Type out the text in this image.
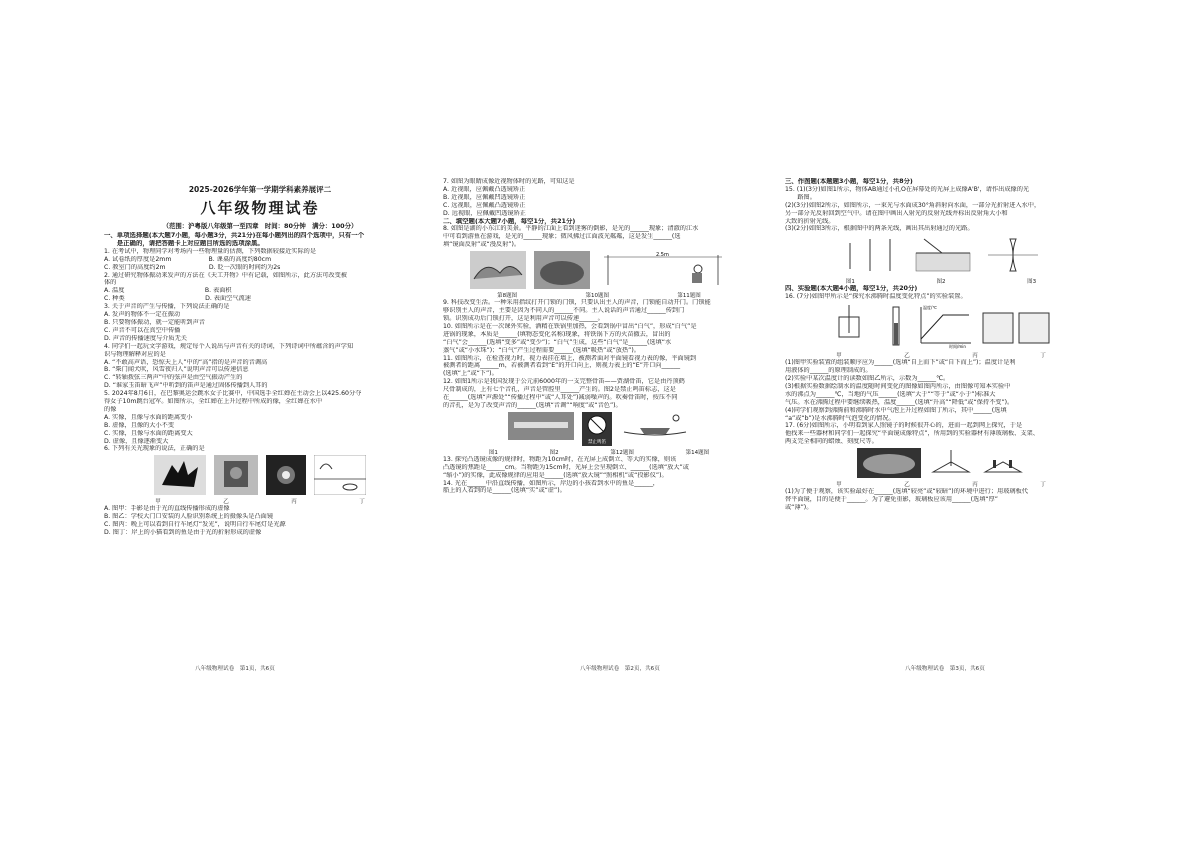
2025-2026学年第一学期学科素养展评二
八年级物理试卷
（范围：沪粤版八年级第一至四章　时间：80分钟　满分：100分）
一、单项选择题(本大题7小题，每小题3分，共21分)在每小题列出的四个选项中，只有一个
　　是正确的，请把答题卡上对应题目所选的选项涂黑。
1. 在考试中，物理同学对考场内一些物理量的估测，下列数据较接近实际的是
A. 试卷纸的厚度是2mm　　　　　　B. 课桌的高度约80cm
C. 教室门的高度约2m　　　　　　　D. 眨一次眼的时间约为2s
2. 通过研究物体振动来发声的方法在《天工开物》中有记载，如图所示，此方法可改变被
体的
A. 温度　　　　　　　　　　　　　B. 表面积
C. 种类　　　　　　　　　　　　　D. 表面空气流速
3. 关于声音的产生与传播，下列说法正确的是
A. 发声的物体不一定在振动
B. 只要物体振动，就一定能听到声音
C. 声音不可以在真空中传播
D. 声音的传播速度与介质无关
4. 同学们一起玩文字游戏，规定每个人说出与声音有关的诗词，下列诗词中所蕴含的声学知
识与物理解释对应的是
A. “不敢高声语，恐惊天上人”中的“高”指的是声音的音调高
B. “柴门闻犬吠，风雪夜归人”说明声音可以传递信息
C. “转轴拨弦三两声”中的弦声是由空气振动产生的
D. “谁家玉笛暗飞声”中听到的笛声是通过固体传播到人耳的
5. 2024年8月6日，在巴黎奥运会跳水女子比赛中，中国选手全红婵在主动会上以425.60分夺
得女子10m跳台冠军。如图所示，全红婵在上升过程中所成的像，全红婵在水中
的像
A. 实像，且像与水面的距离变小
B. 虚像，且像的大小不变
C. 实像，且像与水面的距离变大
D. 虚像，且像逐渐变大
6. 下列有关光现象的说法，正确的是
甲	乙	丙	丁
A. 图甲：手影是由于光的直线传播形成的虚像
B. 图乙：学校大门口安装的人脸识别系统上的摄像头是凸面镜
C. 图丙：晚上可以看到自行车尾灯“发光”，说明自行车尾灯是光源
D. 图丁：岸上的小猫看到的鱼是由于光的折射形成的虚像
7. 如图为眼睛成像近视物体时的光路，可知这是
A. 近视眼，应佩戴凸透镜矫正
B. 近视眼，应佩戴凹透镜矫正
C. 远视眼，应佩戴凸透镜矫正
D. 远视眼，应佩戴凹透镜矫正
二、填空题(本大题7小题，每空1分，共21分)
8. 如图是湖的小东江的美景。平静的江面上看到迷雾的倒影，是光的______现象；清澈的江水
中可看到游鱼在游戏，是光的______现象；微风拂过江面波光粼粼，这是发生______(选
填“镜面反射”或“漫反射”)。
2.5m
第8题图	第10题图	第11题图
9. 科技改变生活。一种采用指纹打开门锁的门锁，只要认出主人的声音，门锁能自动开门。门锁能
够识别主人的声音，主要是因为不同人的______不同。主人说话的声音通过______传到门
锁。识别成功后门锁打开，这是利用声音可以传递______。
10. 如图所示是在一次课外实验，酒精在铁锅里加热，会看到锅中冒出“白气”，形成“白气”是
进锅的现象，本质是______(填物态变化名称)现象，将铁锅下方的火苗撤去，冒出的
“白气”会______(选填“变多”或“变少”)；“白气”生成，这些“白气”是______(选填“水
蒸气”或“小水珠”)；“白气”产生过程需要______(选填“吸热”或“放热”)。
11. 如图所示，在检查视力时，视力表挂在墙上，被测者面对平面镜看视力表的像，平面镜到
被测者的距离______m，若被测者看到“E”的开口向上，则视力表上的“E”开口向______
(选填“上”或“下”)。
12. 如图1所示是我国发现于公元前6000年的一支完整骨笛——贾湖骨笛，它是由丹顶鹤
尺骨制成的，上有七个音孔，声音是管腔里______产生的。图2是禁止鸣笛标志，这是
在______(选填“声源处”“传播过程中”或“人耳处”)减弱噪声的。吹奏骨笛时，按压不同
的音孔，是为了改变声音的______(选填“音调”“响度”或“音色”)。
禁止鸣笛
图1	图2	第12题图	第14题图
13. 探究凸透镜成像的规律时，物距为10cm时，在光屏上成倒立、等大的实像，则该
凸透镜的焦距是______cm。当物距为15cm时，光屏上会呈现倒立、______(选填“放大”或
“缩小”)的实像，此成像规律的应用是______(选填“放大镜”“照相机”或“投影仪”)。
14. 光在______中沿直线传播，如图所示，岸边的小孩看到水中的鱼是______，
船上的人看到的是______(选填“实”或“虚”)。
三、作图题(本题题3小题，每空1分，共8分)
15. (1)(3分)如图1所示，物体AB通过小孔O在屏幕处的光屏上成像A'B'，请作出成像的光
　　路图。
(2)(3分)如图2所示，如图所示，一束光与水面成30°角斜射向水面，一部分光折射进入水中，
另一部分光反射回到空气中。请在图中画出入射光的反射光线并标出反射角大小和
大致的折射光线。
(3)(2分)如图3所示，根据图中的两条光线，画出其出射通过的光路。
图1	图2	图3
四、实验题(本大题4小题，每空1分，共20分)
16. (7分)如图甲所示是“探究水沸腾时温度变化特点”的实验装置。
温度/℃
时间/min
甲	乙	丙	丁
(1)图甲实验装置的组装顺序应为______(选填“自上而下”或“自下而上”)；温度计是利
用液体的______的原理制成的。
(2)实验中某次温度计的读数如图乙所示，示数为______℃。
(3)根据实验数据绘制水的温度随时间变化的图像如图丙所示，由图像可知本实验中
水的沸点为______℃，当地的气压______(选填“大于”“等于”或“小于”)标准大
气压。水在沸腾过程中要继续吸热，温度______(选填“升高”“降低”或“保持不变”)。
(4)同学们观察到沸腾前和沸腾时水中气泡上升过程如图丁所示，其中______(选填
“a”或“b”)是水沸腾时气泡变化的情况。
17. (6分)如图所示，小明看到家人照镜子的时候很开心的，进而一起到网上探究，于是
他找来一些器材和同学们一起探究“平面镜成像特点”，所用到的实验器材有薄玻璃板、支架、
两支完全相同的蜡烛、刻度尺等。
甲	乙	丙	丁
(1)为了便于观察，该实验最好在______(选填“较亮”或“较暗”)的环境中进行；用玻璃板代
替平面镜，目的是便于______。为了避免重影，玻璃板应该用______(选填“厚”
或“薄”)。
八年级物理试卷　第1页，共6页	八年级物理试卷　第2页，共6页	八年级物理试卷　第3页，共6页
